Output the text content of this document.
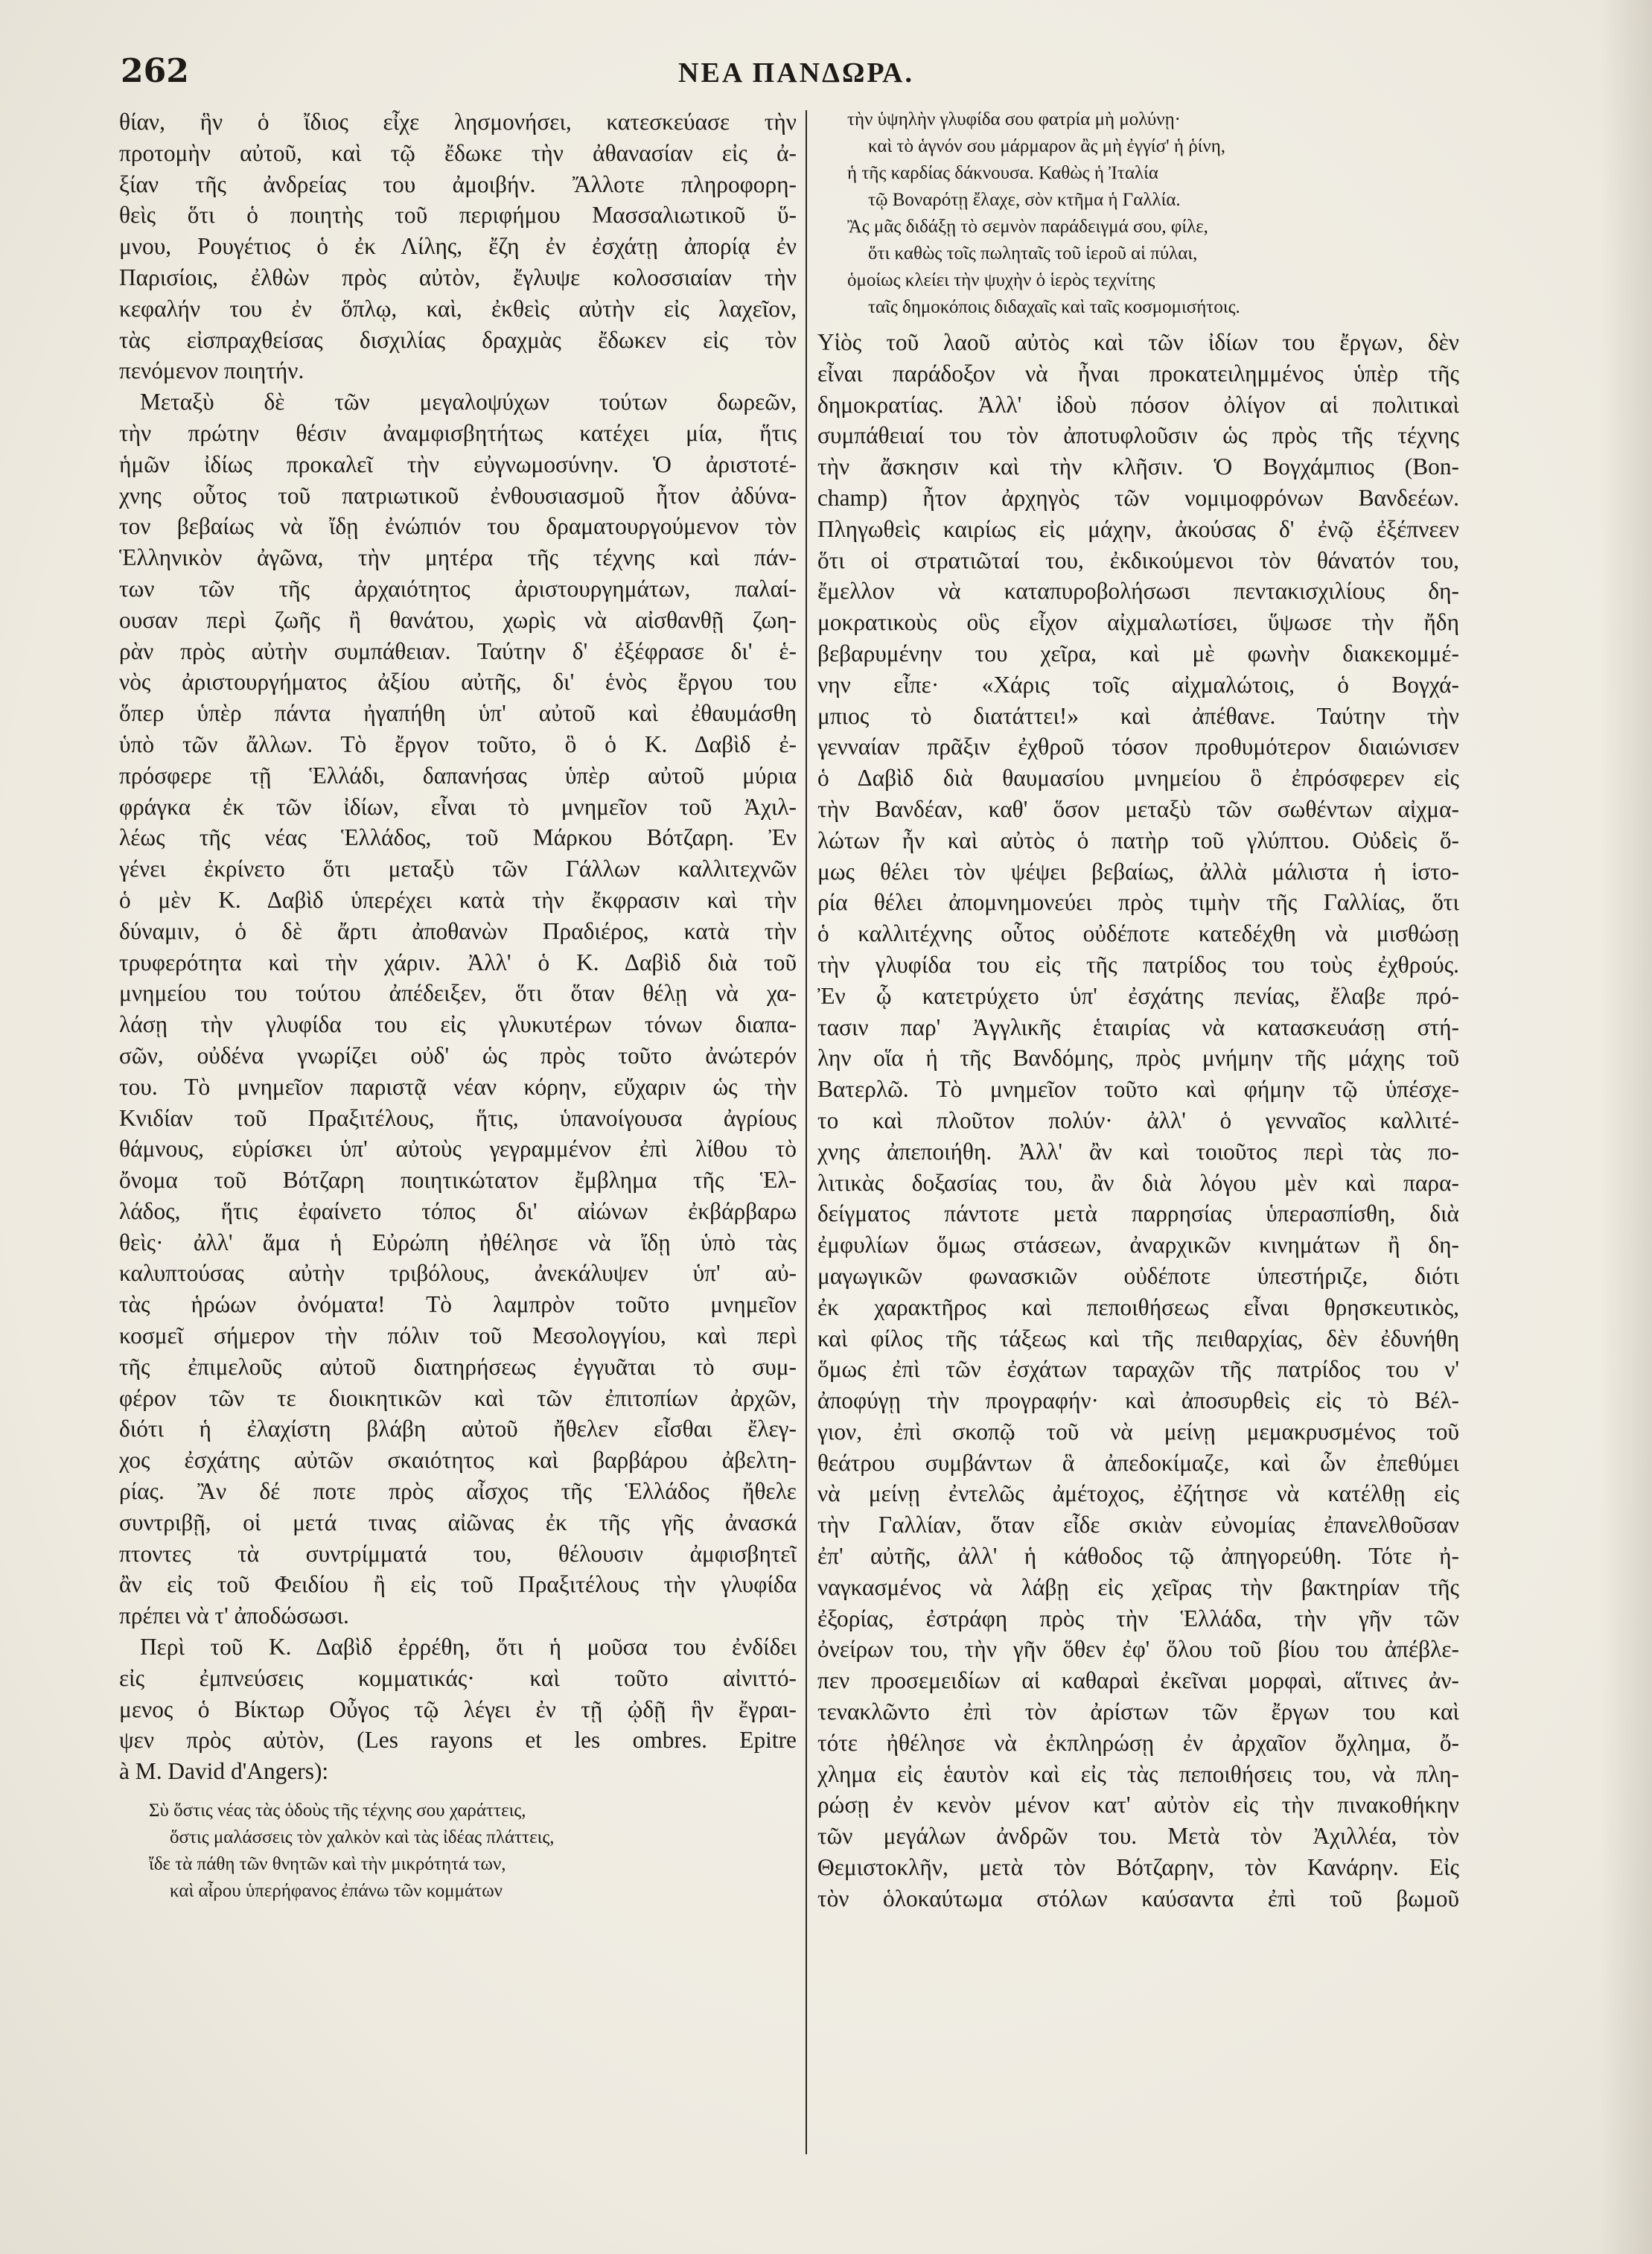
262	ΝΕΑ ΠΑΝΔΩΡΑ.
θίαν, ἣν ὁ ἴδιος εἶχε λησμονήσει, κατεσκεύασε τὴν
προτομὴν αὐτοῦ, καὶ τῷ ἔδωκε τὴν ἀθανασίαν εἰς ἀ-
ξίαν τῆς ἀνδρείας του ἀμοιβήν. Ἄλλοτε πληροφορη-
θεὶς ὅτι ὁ ποιητὴς τοῦ περιφήμου Μασσαλιωτικοῦ ὕ-
μνου, Ρουγέτιος ὁ ἐκ Λίλης, ἔζη ἐν ἐσχάτῃ ἀπορίᾳ ἐν
Παρισίοις, ἐλθὼν πρὸς αὐτὸν, ἔγλυψε κολοσσιαίαν τὴν
κεφαλήν του ἐν ὅπλῳ, καὶ, ἐκθεὶς αὐτὴν εἰς λαχεῖον,
τὰς εἰσπραχθείσας δισχιλίας δραχμὰς ἔδωκεν εἰς τὸν
πενόμενον ποιητήν.
Μεταξὺ δὲ τῶν μεγαλοψύχων τούτων δωρεῶν,
τὴν πρώτην θέσιν ἀναμφισβητήτως κατέχει μία, ἥτις
ἡμῶν ἰδίως προκαλεῖ τὴν εὐγνωμοσύνην. Ὁ ἀριστοτέ-
χνης οὗτος τοῦ πατριωτικοῦ ἐνθουσιασμοῦ ἦτον ἀδύνα-
τον βεβαίως νὰ ἴδῃ ἐνώπιόν του δραματουργούμενον τὸν
Ἑλληνικὸν ἀγῶνα, τὴν μητέρα τῆς τέχνης καὶ πάν-
των τῶν τῆς ἀρχαιότητος ἀριστουργημάτων, παλαί-
ουσαν περὶ ζωῆς ἢ θανάτου, χωρὶς νὰ αἰσθανθῇ ζωη-
ρὰν πρὸς αὐτὴν συμπάθειαν. Ταύτην δ' ἐξέφρασε δι' ἑ-
νὸς ἀριστουργήματος ἀξίου αὐτῆς, δι' ἑνὸς ἔργου του
ὅπερ ὑπὲρ πάντα ἠγαπήθη ὑπ' αὐτοῦ καὶ ἐθαυμάσθη
ὑπὸ τῶν ἄλλων. Τὸ ἔργον τοῦτο, ὃ ὁ Κ. Δαβὶδ ἐ-
πρόσφερε τῇ Ἑλλάδι, δαπανήσας ὑπὲρ αὐτοῦ μύρια
φράγκα ἐκ τῶν ἰδίων, εἶναι τὸ μνημεῖον τοῦ Ἀχιλ-
λέως τῆς νέας Ἑλλάδος, τοῦ Μάρκου Βότζαρη. Ἐν
γένει ἐκρίνετο ὅτι μεταξὺ τῶν Γάλλων καλλιτεχνῶν
ὁ μὲν Κ. Δαβὶδ ὑπερέχει κατὰ τὴν ἔκφρασιν καὶ τὴν
δύναμιν, ὁ δὲ ἄρτι ἀποθανὼν Πραδιέρος, κατὰ τὴν
τρυφερότητα καὶ τὴν χάριν. Ἀλλ' ὁ Κ. Δαβὶδ διὰ τοῦ
μνημείου του τούτου ἀπέδειξεν, ὅτι ὅταν θέλῃ νὰ χα-
λάσῃ τὴν γλυφίδα του εἰς γλυκυτέρων τόνων διαπα-
σῶν, οὐδένα γνωρίζει οὐδ' ὡς πρὸς τοῦτο ἀνώτερόν
του. Τὸ μνημεῖον παριστᾷ νέαν κόρην, εὔχαριν ὡς τὴν
Κνιδίαν τοῦ Πραξιτέλους, ἥτις, ὑπανοίγουσα ἀγρίους
θάμνους, εὑρίσκει ὑπ' αὐτοὺς γεγραμμένον ἐπὶ λίθου τὸ
ὄνομα τοῦ Βότζαρη ποιητικώτατον ἔμβλημα τῆς Ἑλ-
λάδος, ἥτις ἐφαίνετο τόπος δι' αἰώνων ἐκβάρβαρω
θεὶς· ἀλλ' ἅμα ἡ Εὐρώπη ἠθέλησε νὰ ἴδῃ ὑπὸ τὰς
καλυπτούσας αὐτὴν τριβόλους, ἀνεκάλυψεν ὑπ' αὐ-
τὰς ἡρώων ὀνόματα! Τὸ λαμπρὸν τοῦτο μνημεῖον
κοσμεῖ σήμερον τὴν πόλιν τοῦ Μεσολογγίου, καὶ περὶ
τῆς ἐπιμελοῦς αὐτοῦ διατηρήσεως ἐγγυᾶται τὸ συμ-
φέρον τῶν τε διοικητικῶν καὶ τῶν ἐπιτοπίων ἀρχῶν,
διότι ἡ ἐλαχίστη βλάβη αὐτοῦ ἤθελεν εἶσθαι ἔλεγ-
χος ἐσχάτης αὐτῶν σκαιότητος καὶ βαρβάρου ἀβελτη-
ρίας. Ἂν δέ ποτε πρὸς αἶσχος τῆς Ἑλλάδος ἤθελε
συντριβῇ, οἱ μετά τινας αἰῶνας ἐκ τῆς γῆς ἀνασκά
πτοντες τὰ συντρίμματά του, θέλουσιν ἀμφισβητεῖ
ἂν εἰς τοῦ Φειδίου ἢ εἰς τοῦ Πραξιτέλους τὴν γλυφίδα
πρέπει νὰ τ' ἀποδώσωσι.
Περὶ τοῦ Κ. Δαβὶδ ἐρρέθη, ὅτι ἡ μοῦσα του ἐνδίδει
εἰς ἐμπνεύσεις κομματικάς· καὶ τοῦτο αἰνιττό-
μενος ὁ Βίκτωρ Οὖγος τῷ λέγει ἐν τῇ ᾠδῇ ἣν ἔγραι-
ψεν πρὸς αὐτὸν, (Les rayons et les ombres. Epitre
à M. David d'Angers):
Σὺ ὅστις νέας τὰς ὁδοὺς τῆς τέχνης σου χαράττεις,
ὅστις μαλάσσεις τὸν χαλκὸν καὶ τὰς ἰδέας πλάττεις,
ἴδε τὰ πάθη τῶν θνητῶν καὶ τὴν μικρότητά των,
καὶ αἶρου ὑπερήφανος ἐπάνω τῶν κομμάτων
τὴν ὑψηλὴν γλυφίδα σου φατρία μὴ μολύνῃ·
καὶ τὸ ἁγνόν σου μάρμαρον ἂς μὴ ἐγγίσ' ἡ ῥίνη,
ἡ τῆς καρδίας δάκνουσα. Καθὼς ἡ Ἰταλία
τῷ Βοναρότῃ ἔλαχε, σὸν κτῆμα ἡ Γαλλία.
Ἂς μᾶς διδάξῃ τὸ σεμνὸν παράδειγμά σου, φίλε,
ὅτι καθὼς τοῖς πωληταῖς τοῦ ἱεροῦ αἱ πύλαι,
ὁμοίως κλείει τὴν ψυχὴν ὁ ἱερὸς τεχνίτης
ταῖς δημοκόποις διδαχαῖς καὶ ταῖς κοσμομισήτοις.
Υἱὸς τοῦ λαοῦ αὐτὸς καὶ τῶν ἰδίων του ἔργων, δὲν
εἶναι παράδοξον νὰ ἦναι προκατειλημμένος ὑπὲρ τῆς
δημοκρατίας. Ἀλλ' ἰδοὺ πόσον ὀλίγον αἱ πολιτικαὶ
συμπάθειαί του τὸν ἀποτυφλοῦσιν ὡς πρὸς τῆς τέχνης
τὴν ἄσκησιν καὶ τὴν κλῆσιν. Ὁ Βογχάμπιος (Bon-
champ) ἦτον ἀρχηγὸς τῶν νομιμοφρόνων Βανδεέων.
Πληγωθεὶς καιρίως εἰς μάχην, ἀκούσας δ' ἐνῷ ἐξέπνεεν
ὅτι οἱ στρατιῶταί του, ἐκδικούμενοι τὸν θάνατόν του,
ἔμελλον νὰ καταπυροβολήσωσι πεντακισχιλίους δη-
μοκρατικοὺς οὓς εἶχον αἰχμαλωτίσει, ὕψωσε τὴν ἤδη
βεβαρυμένην του χεῖρα, καὶ μὲ φωνὴν διακεκομμέ-
νην εἶπε· «Χάρις τοῖς αἰχμαλώτοις, ὁ Βογχά-
μπιος τὸ διατάττει!» καὶ ἀπέθανε. Ταύτην τὴν
γενναίαν πρᾶξιν ἐχθροῦ τόσον προθυμότερον διαιώνισεν
ὁ Δαβὶδ διὰ θαυμασίου μνημείου ὃ ἐπρόσφερεν εἰς
τὴν Βανδέαν, καθ' ὅσον μεταξὺ τῶν σωθέντων αἰχμα-
λώτων ἦν καὶ αὐτὸς ὁ πατὴρ τοῦ γλύπτου. Οὐδεὶς ὅ-
μως θέλει τὸν ψέψει βεβαίως, ἀλλὰ μάλιστα ἡ ἱστο-
ρία θέλει ἀπομνημονεύει πρὸς τιμὴν τῆς Γαλλίας, ὅτι
ὁ καλλιτέχνης οὗτος οὐδέποτε κατεδέχθη νὰ μισθώσῃ
τὴν γλυφίδα του εἰς τῆς πατρίδος του τοὺς ἐχθρούς.
Ἐν ᾧ κατετρύχετο ὑπ' ἐσχάτης πενίας, ἔλαβε πρό-
τασιν παρ' Ἀγγλικῆς ἑταιρίας νὰ κατασκευάσῃ στή-
λην οἵα ἡ τῆς Βανδόμης, πρὸς μνήμην τῆς μάχης τοῦ
Βατερλῶ. Τὸ μνημεῖον τοῦτο καὶ φήμην τῷ ὑπέσχε-
το καὶ πλοῦτον πολύν· ἀλλ' ὁ γενναῖος καλλιτέ-
χνης ἀπεποιήθη. Ἀλλ' ἂν καὶ τοιοῦτος περὶ τὰς πο-
λιτικὰς δοξασίας του, ἂν διὰ λόγου μὲν καὶ παρα-
δείγματος πάντοτε μετὰ παρρησίας ὑπερασπίσθη, διὰ
ἐμφυλίων ὅμως στάσεων, ἀναρχικῶν κινημάτων ἢ δη-
μαγωγικῶν φωνασκιῶν οὐδέποτε ὑπεστήριζε, διότι
ἐκ χαρακτῆρος καὶ πεποιθήσεως εἶναι θρησκευτικὸς,
καὶ φίλος τῆς τάξεως καὶ τῆς πειθαρχίας, δὲν ἐδυνήθη
ὅμως ἐπὶ τῶν ἐσχάτων ταραχῶν τῆς πατρίδος του ν'
ἀποφύγῃ τὴν προγραφήν· καὶ ἀποσυρθεὶς εἰς τὸ Βέλ-
γιον, ἐπὶ σκοπῷ τοῦ νὰ μείνῃ μεμακρυσμένος τοῦ
θεάτρου συμβάντων ἃ ἀπεδοκίμαζε, καὶ ὧν ἐπεθύμει
νὰ μείνῃ ἐντελῶς ἀμέτοχος, ἐζήτησε νὰ κατέλθῃ εἰς
τὴν Γαλλίαν, ὅταν εἶδε σκιὰν εὐνομίας ἐπανελθοῦσαν
ἐπ' αὐτῆς, ἀλλ' ἡ κάθοδος τῷ ἀπηγορεύθη. Τότε ἠ-
ναγκασμένος νὰ λάβῃ εἰς χεῖρας τὴν βακτηρίαν τῆς
ἐξορίας, ἐστράφη πρὸς τὴν Ἑλλάδα, τὴν γῆν τῶν
ὀνείρων του, τὴν γῆν ὅθεν ἐφ' ὅλου τοῦ βίου του ἀπέβλε-
πεν προσεμειδίων αἱ καθαραὶ ἐκεῖναι μορφαὶ, αἵτινες ἀν-
τενακλῶντο ἐπὶ τὸν ἀρίστων τῶν ἔργων του καὶ
τότε ἠθέλησε νὰ ἐκπληρώσῃ ἐν ἀρχαῖον ὄχλημα, ὄ-
χλημα εἰς ἑαυτὸν καὶ εἰς τὰς πεποιθήσεις του, νὰ πλη-
ρώσῃ ἐν κενὸν μένον κατ' αὐτὸν εἰς τὴν πινακοθήκην
τῶν μεγάλων ἀνδρῶν του. Μετὰ τὸν Ἀχιλλέα, τὸν
Θεμιστοκλῆν, μετὰ τὸν Βότζαρην, τὸν Κανάρην. Εἰς
τὸν ὁλοκαύτωμα στόλων καύσαντα ἐπὶ τοῦ βωμοῦ
